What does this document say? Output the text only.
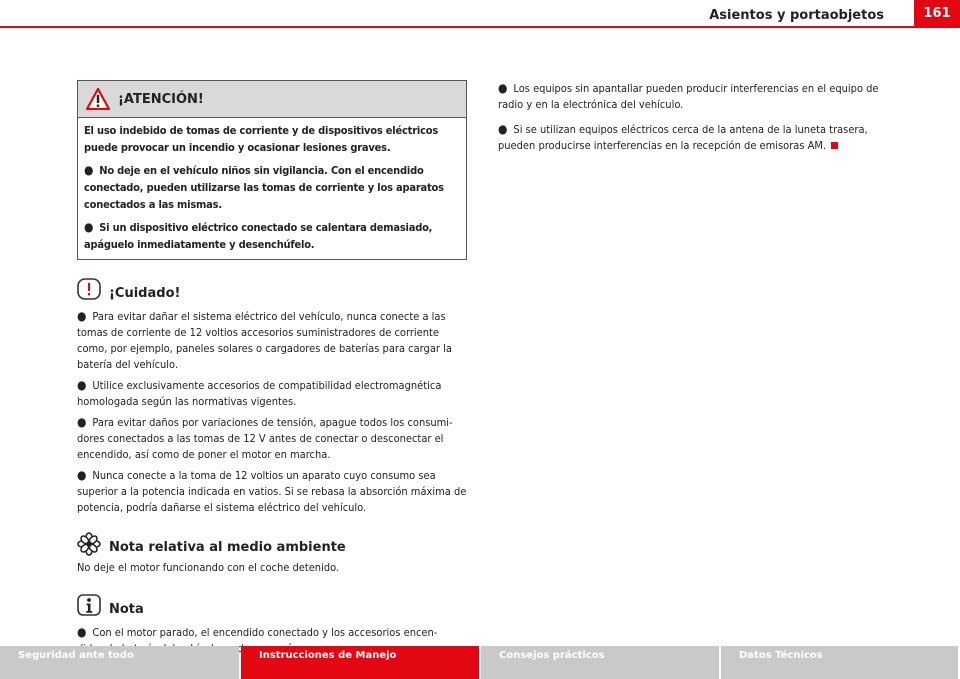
Asientos y portaobjetos	161
¡ATENCIÓN!

El uso indebido de tomas de corriente y de dispositivos eléctricos puede provocar un incendio y ocasionar lesiones graves.

● No deje en el vehículo niños sin vigilancia. Con el encendido conectado, pueden utilizarse las tomas de corriente y los aparatos conectados a las mismas.

● Si un dispositivo eléctrico conectado se calentara demasiado, apáguelo inmediatamente y desenchúfelo.

¡Cuidado!

● Para evitar dañar el sistema eléctrico del vehículo, nunca conecte a las tomas de corriente de 12 voltios accesorios suministradores de corriente como, por ejemplo, paneles solares o cargadores de baterías para cargar la batería del vehículo.

● Utilice exclusivamente accesorios de compatibilidad electromagnética homologada según las normativas vigentes.

● Para evitar daños por variaciones de tensión, apague todos los consumi-dores conectados a las tomas de 12 V antes de conectar o desconectar el encendido, así como de poner el motor en marcha.

● Nunca conecte a la toma de 12 voltios un aparato cuyo consumo sea superior a la potencia indicada en vatios. Si se rebasa la absorción máxima de potencia, podría dañarse el sistema eléctrico del vehículo.

Nota relativa al medio ambiente

No deje el motor funcionando con el coche detenido.

Nota

● Con el motor parado, el encendido conectado y los accesorios encen-

● Los equipos sin apantallar pueden producir interferencias en el equipo de radio y en la electrónica del vehículo.

● Si se utilizan equipos eléctricos cerca de la antena de la luneta trasera, pueden producirse interferencias en la recepción de emisoras AM.

Seguridad ante todo	Instrucciones de Manejo	Consejos prácticos	Datos Técnicos
